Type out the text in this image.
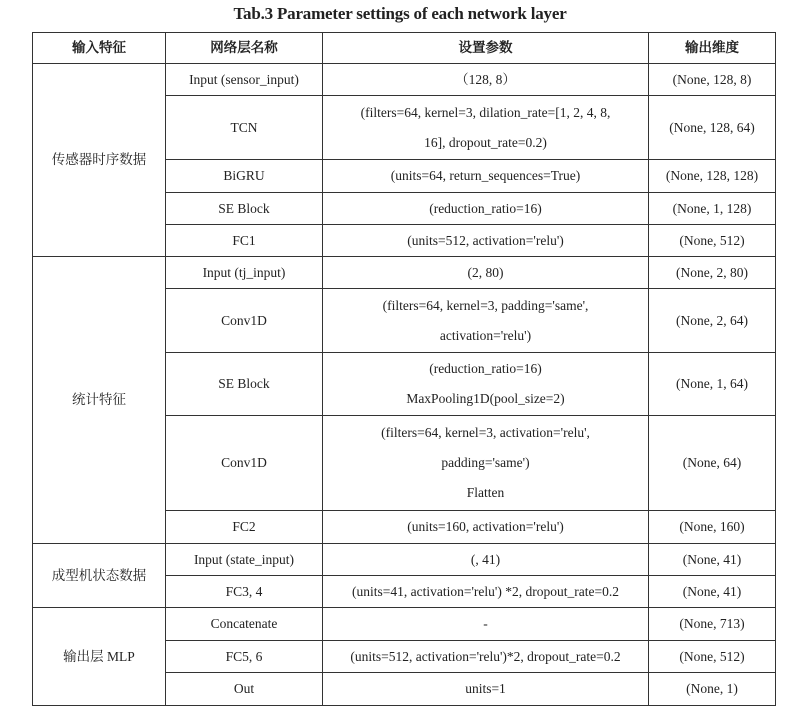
Tab.3 Parameter settings of each network layer
输入特征	网络层名称	设置参数	输出维度
传感器时序数据	Input (sensor_input)	（128, 8）	(None, 128, 8)
	TCN	(filters=64, kernel=3, dilation_rate=[1, 2, 4, 8,
16], dropout_rate=0.2)	(None, 128, 64)
	BiGRU	(units=64, return_sequences=True)	(None, 128, 128)
	SE Block	(reduction_ratio=16)	(None, 1, 128)
	FC1	(units=512, activation='relu')	(None, 512)
统计特征	Input (tj_input)	(2, 80)	(None, 2, 80)
	Conv1D	(filters=64, kernel=3, padding='same',
activation='relu')	(None, 2, 64)
	SE Block	(reduction_ratio=16)
MaxPooling1D(pool_size=2)	(None, 1, 64)
	Conv1D	(filters=64, kernel=3, activation='relu',
padding='same')
Flatten	(None, 64)
	FC2	(units=160, activation='relu')	(None, 160)
成型机状态数据	Input (state_input)	(, 41)	(None, 41)
	FC3, 4	(units=41, activation='relu') *2, dropout_rate=0.2	(None, 41)
输出层 MLP	Concatenate	-	(None, 713)
	FC5, 6	(units=512, activation='relu')*2, dropout_rate=0.2	(None, 512)
	Out	units=1	(None, 1)
